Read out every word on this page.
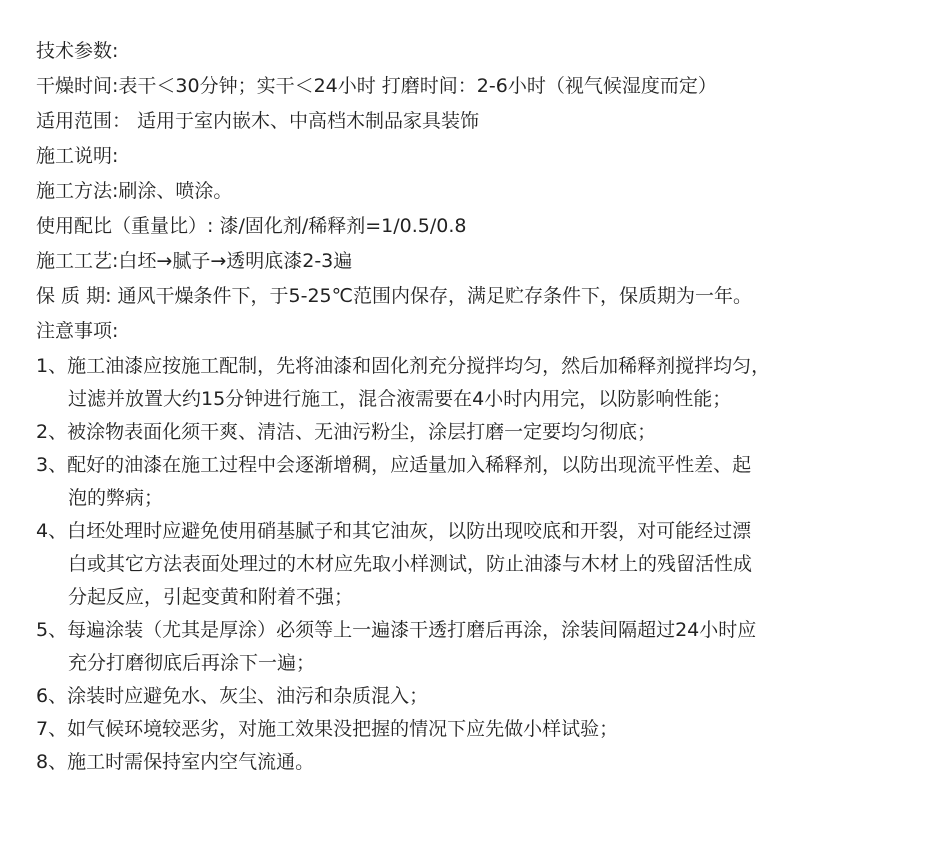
技术参数:
干燥时间:表干＜30分钟；实干＜24小时 打磨时间：2-6小时（视气候湿度而定）
适用范围： 适用于室内嵌木、中高档木制品家具装饰
施工说明:
施工方法:刷涂、喷涂。
使用配比（重量比）: 漆/固化剂/稀释剂=1/0.5/0.8
施工工艺:白坯→腻子→透明底漆2-3遍
保 质 期: 通风干燥条件下，于5-25℃范围内保存，满足贮存条件下，保质期为一年。
注意事项:
1、施工油漆应按施工配制，先将油漆和固化剂充分搅拌均匀，然后加稀释剂搅拌均匀，
过滤并放置大约15分钟进行施工，混合液需要在4小时内用完，以防影响性能；
2、被涂物表面化须干爽、清洁、无油污粉尘，涂层打磨一定要均匀彻底；
3、配好的油漆在施工过程中会逐渐增稠，应适量加入稀释剂，以防出现流平性差、起
泡的弊病；
4、白坯处理时应避免使用硝基腻子和其它油灰，以防出现咬底和开裂，对可能经过漂
白或其它方法表面处理过的木材应先取小样测试，防止油漆与木材上的残留活性成
分起反应，引起变黄和附着不强；
5、每遍涂装（尤其是厚涂）必须等上一遍漆干透打磨后再涂，涂装间隔超过24小时应
充分打磨彻底后再涂下一遍；
6、涂装时应避免水、灰尘、油污和杂质混入；
7、如气候环境较恶劣，对施工效果没把握的情况下应先做小样试验；
8、施工时需保持室内空气流通。
